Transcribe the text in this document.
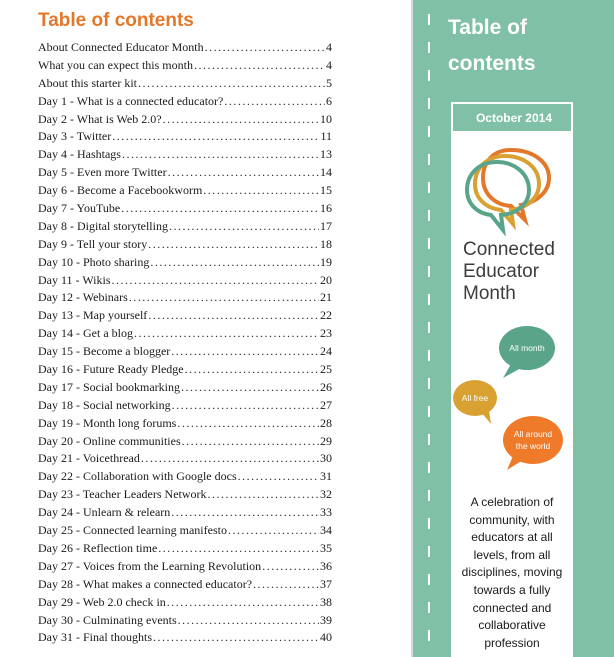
Table of contents
About Connected Educator Month .....	4
What you can expect this month .....	4
About this starter kit .....	5
Day 1 - What is a connected educator? .....	6
Day 2 - What is Web 2.0? .....	10
Day 3 - Twitter .....	11
Day 4 - Hashtags .....	13
Day 5 - Even more Twitter .....	14
Day 6 - Become a Facebookworm .....	15
Day 7 - YouTube .....	16
Day 8 - Digital storytelling .....	17
Day 9 - Tell your story .....	18
Day 10 - Photo sharing .....	19
Day 11 - Wikis .....	20
Day 12 - Webinars .....	21
Day 13 - Map yourself .....	22
Day 14 - Get a blog .....	23
Day 15 - Become a blogger .....	24
Day 16 - Future Ready Pledge .....	25
Day 17 - Social bookmarking .....	26
Day 18 - Social networking .....	27
Day 19 - Month long forums .....	28
Day 20 - Online communities .....	29
Day 21 - Voicethread .....	30
Day 22 - Collaboration with Google docs .....	31
Day 23 - Teacher Leaders Network .....	32
Day 24 - Unlearn & relearn .....	33
Day 25 - Connected learning manifesto .....	34
Day 26 - Reflection time .....	35
Day 27 - Voices from the Learning Revolution .....	36
Day 28 - What makes a connected educator? .....	37
Day 29 - Web 2.0 check in .....	38
Day 30 - Culminating events .....	39
Day 31 - Final thoughts .....	40
Table of
contents
October 2014
Connected
Educator
Month
All month
All free
All around
the world
A celebration of community, with educators at all levels, from all disciplines, moving towards a fully connected and collaborative profession
